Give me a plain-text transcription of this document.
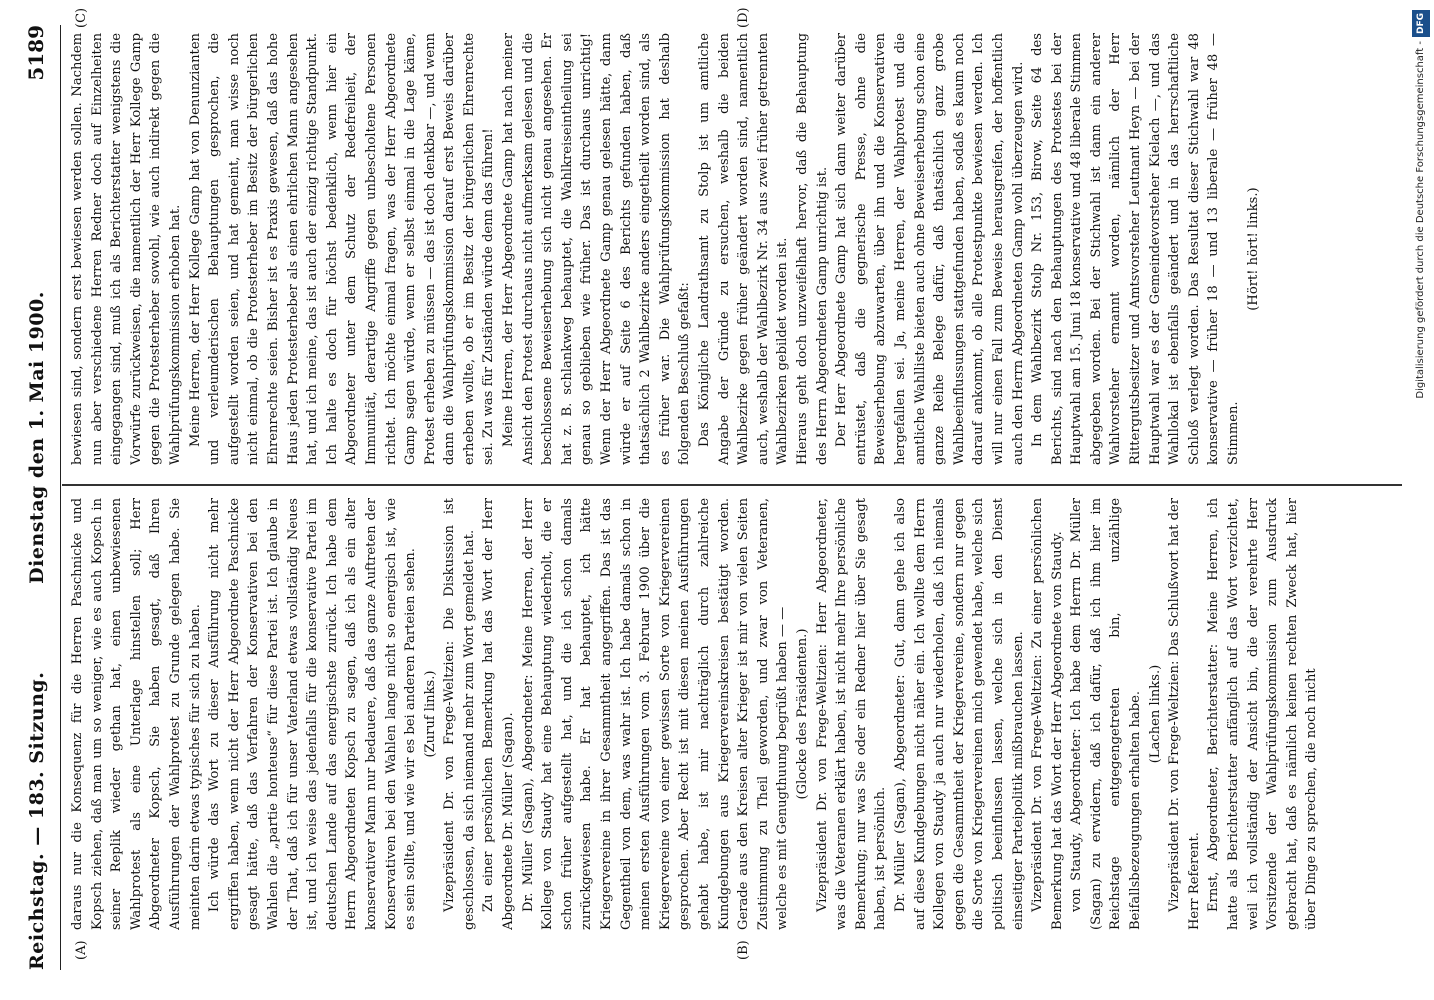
Reichstag. — 183. Sitzung.
Dienstag den 1. Mai 1900.
5189
(A)	(B)
(C)	(D)

daraus nur die Konsequenz für die Herren Paschnicke und Kopsch ziehen, daß man um so weniger, wie es auch Kopsch in seiner Replik wieder gethan hat, einen unbewiesenen Wahlprotest als eine Unterlage hinstellen soll; Herr Abgeordneter Kopsch, Sie haben gesagt, daß Ihren Ausführungen der Wahlprotest zu Grunde gelegen habe. Sie meinten darin etwas typisches für sich zu haben. Ich würde das Wort zu dieser Ausführung nicht mehr ergriffen haben, wenn nicht der Herr Abgeordnete Paschnicke gesagt hätte, daß das Verfahren der Konservativen bei den Wahlen die „partie honteuse“ für diese Partei ist. Ich glaube in der That, daß ich für unser Vaterland etwas vollständig Neues ist, und ich weise das jedenfalls für die konservative Partei im deutschen Lande auf das energischste zurück. Ich habe dem Herrn Abgeordneten Kopsch zu sagen, daß ich als ein alter konservativer Mann nur bedauere, daß das ganze Auftreten der Konservativen bei den Wahlen lange nicht so energisch ist, wie es sein sollte, und wie wir es bei anderen Parteien sehen. (Zuruf links.) Vizepräsident Dr. von Frege-Weltzien: Die Diskussion ist geschlossen, da sich niemand mehr zum Wort gemeldet hat. Zu einer persönlichen Bemerkung hat das Wort der Herr Abgeordnete Dr. Müller (Sagan). Dr. Müller (Sagan), Abgeordneter: Meine Herren, der Herr Kollege von Staudy hat eine Behauptung wiederholt, die er schon früher aufgestellt hat, und die ich schon damals zurückgewiesen habe. Er hat behauptet, ich hätte Kriegervereine in ihrer Gesammtheit angegriffen. Das ist das Gegentheil von dem, was wahr ist. Ich habe damals schon in meinen ersten Ausführungen vom 3. Februar 1900 über die Kriegervereine von einer gewissen Sorte von Kriegervereinen gesprochen. Aber Recht ist mit diesen meinen Ausführungen gehabt habe, ist mir nachträglich durch zahlreiche Kundgebungen aus Kriegervereinskreisen bestätigt worden. Gerade aus den Kreisen alter Krieger ist mir von vielen Seiten Zustimmung zu Theil geworden, und zwar von Veteranen, welche es mit Genugthuung begrüßt haben — — (Glocke des Präsidenten.) Vizepräsident Dr. von Frege-Weltzien: Herr Abgeordneter, was die Veteranen erklärt haben, ist nicht mehr Ihre persönliche Bemerkung; nur was Sie oder ein Redner hier über Sie gesagt haben, ist persönlich. Dr. Müller (Sagan), Abgeordneter: Gut, dann gehe ich also auf diese Kundgebungen nicht näher ein. Ich wollte dem Herrn Kollegen von Staudy ja auch nur wiederholen, daß ich niemals gegen die Gesammtheit der Kriegervereine, sondern nur gegen die Sorte von Kriegervereinen mich gewendet habe, welche sich politisch beeinflussen lassen, welche sich in den Dienst einseitiger Parteipolitik mißbrauchen lassen. Vizepräsident Dr. von Frege-Weltzien: Zu einer persönlichen Bemerkung hat das Wort der Herr Abgeordnete von Staudy. von Staudy, Abgeordneter: Ich habe dem Herrn Dr. Müller (Sagan) zu erwidern, daß ich dafür, daß ich ihm hier im Reichstage entgegengetreten bin, unzählige Beifallsbezeugungen erhalten habe. (Lachen links.) Vizepräsident Dr. von Frege-Weltzien: Das Schlußwort hat der Herr Referent. Ernst, Abgeordneter, Berichterstatter: Meine Herren, ich hatte als Berichterstatter anfänglich auf das Wort verzichtet, weil ich vollständig der Ansicht bin, die der verehrte Herr Vorsitzende der Wahlprüfungskommission zum Ausdruck gebracht hat, daß es nämlich keinen rechten Zweck hat, hier über Dinge zu sprechen, die noch nicht

bewiesen sind, sondern erst bewiesen werden sollen. Nachdem nun aber verschiedene Herren Redner doch auf Einzelheiten eingegangen sind, muß ich als Berichterstatter wenigstens die Vorwürfe zurückweisen, die namentlich der Herr Kollege Gamp gegen die Protesterheber sowohl, wie auch indirekt gegen die Wahlprüfungskommission erhoben hat. Meine Herren, der Herr Kollege Gamp hat von Denunzianten und verleumderischen Behauptungen gesprochen, die aufgestellt worden seien, und hat gemeint, man wisse noch nicht einmal, ob die Protesterheber im Besitz der bürgerlichen Ehrenrechte seien. Bisher ist es Praxis gewesen, daß das hohe Haus jeden Protesterheber als einen ehrlichen Mann angesehen hat, und ich meine, das ist auch der einzig richtige Standpunkt. Ich halte es doch für höchst bedenklich, wenn hier ein Abgeordneter unter dem Schutz der Redefreiheit, der Immunität, derartige Angriffe gegen unbescholtene Personen richtet. Ich möchte einmal fragen, was der Herr Abgeordnete Gamp sagen würde, wenn er selbst einmal in die Lage käme, Protest erheben zu müssen — das ist doch denkbar —, und wenn dann die Wahlprüfungskommission darauf erst Beweis darüber erheben wollte, ob er im Besitz der bürgerlichen Ehrenrechte sei. Zu was für Zuständen würde denn das führen! Meine Herren, der Herr Abgeordnete Gamp hat nach meiner Ansicht den Protest durchaus nicht aufmerksam gelesen und die beschlossene Beweiserhebung sich nicht genau angesehen. Er hat z. B. schlankweg behauptet, die Wahlkreiseintheilung sei genau so geblieben wie früher. Das ist durchaus unrichtig! Wenn der Herr Abgeordnete Gamp genau gelesen hätte, dann würde er auf Seite 6 des Berichts gefunden haben, daß thatsächlich 2 Wahlbezirke anders eingetheilt worden sind, als es früher war. Die Wahlprüfungskommission hat deshalb folgenden Beschluß gefaßt: Das Königliche Landrathsamt zu Stolp ist um amtliche Angabe der Gründe zu ersuchen, weshalb die beiden Wahlbezirke gegen früher geändert worden sind, namentlich auch, weshalb der Wahlbezirk Nr. 34 aus zwei früher getrennten Wahlbezirken gebildet worden ist. Hieraus geht doch unzweifelhaft hervor, daß die Behauptung des Herrn Abgeordneten Gamp unrichtig ist. Der Herr Abgeordnete Gamp hat sich dann weiter darüber entrüstet, daß die gegnerische Presse, ohne die Beweiserhebung abzuwarten, über ihn und die Konservativen hergefallen sei. Ja, meine Herren, der Wahlprotest und die amtliche Wahlliste bieten auch ohne Beweiserhebung schon eine ganze Reihe Belege dafür, daß thatsächlich ganz grobe Wahlbeeinflussungen stattgefunden haben, sodaß es kaum noch darauf ankommt, ob alle Protestpunkte bewiesen werden. Ich will nur einen Fall zum Beweise herausgreifen, der hoffentlich auch den Herrn Abgeordneten Gamp wohl überzeugen wird. In dem Wahlbezirk Stolp Nr. 153, Birow, Seite 64 des Berichts, sind nach den Behauptungen des Protestes bei der Hauptwahl am 15. Juni 18 konservative und 48 liberale Stimmen abgegeben worden. Bei der Stichwahl ist dann ein anderer Wahlvorsteher ernannt worden, nämlich der Herr Rittergutsbesitzer und Amtsvorsteher Leutnant Heyn — bei der Hauptwahl war es der Gemeindevorsteher Kielach —, und das Wahllokal ist ebenfalls geändert und in das herrschaftliche Schloß verlegt worden. Das Resultat dieser Stichwahl war 48 konservative — früher 18 — und 13 liberale — früher 48 — Stimmen.

(Hört! hört! links.)	Digitalisierung gefördert durch die Deutsche Forschungsgemeinschaft -DFG
